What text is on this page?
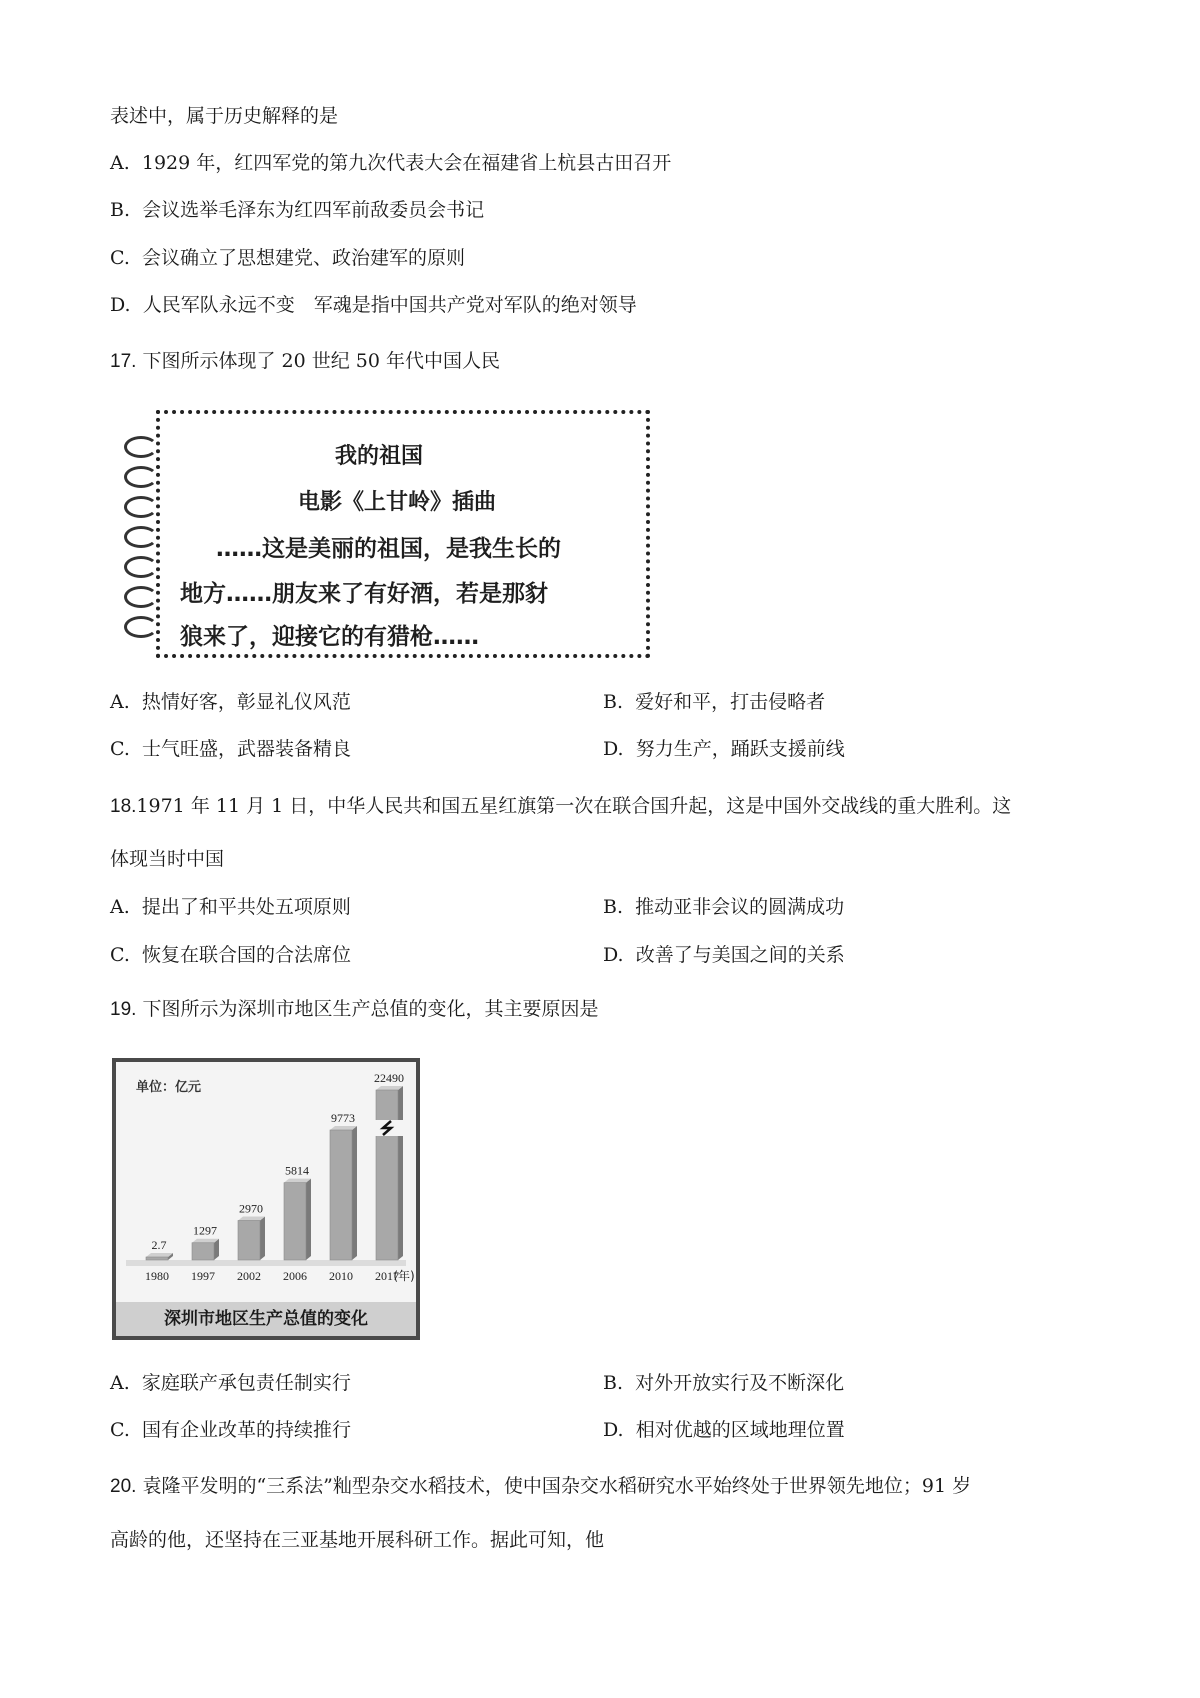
表述中，属于历史解释的是
A. 1929 年，红四军党的第九次代表大会在福建省上杭县古田召开
B. 会议选举毛泽东为红四军前敌委员会书记
C. 会议确立了思想建党、政治建军的原则
D. 人民军队永远不变　军魂是指中国共产党对军队的绝对领导
17. 下图所示体现了 20 世纪 50 年代中国人民
我的祖国
电影《上甘岭》插曲
……这是美丽的祖国，是我生长的
地方……朋友来了有好酒，若是那豺
狼来了，迎接它的有猎枪……
A. 热情好客，彰显礼仪风范	B. 爱好和平，打击侵略者
C. 士气旺盛，武器装备精良	D. 努力生产，踊跃支援前线
18.1971 年 11 月 1 日，中华人民共和国五星红旗第一次在联合国升起，这是中国外交战线的重大胜利。这
体现当时中国
A. 提出了和平共处五项原则	B. 推动亚非会议的圆满成功
C. 恢复在联合国的合法席位	D. 改善了与美国之间的关系
19. 下图所示为深圳市地区生产总值的变化，其主要原因是
单位：亿元
2.7
1980
1297
1997
2970
2002
5814
2006
9773
2010
22490
2017
(年)
深圳市地区生产总值的变化
A. 家庭联产承包责任制实行	B. 对外开放实行及不断深化
C. 国有企业改革的持续推行	D. 相对优越的区域地理位置
20. 袁隆平发明的“三系法”籼型杂交水稻技术，使中国杂交水稻研究水平始终处于世界领先地位；91 岁
高龄的他，还坚持在三亚基地开展科研工作。据此可知，他
